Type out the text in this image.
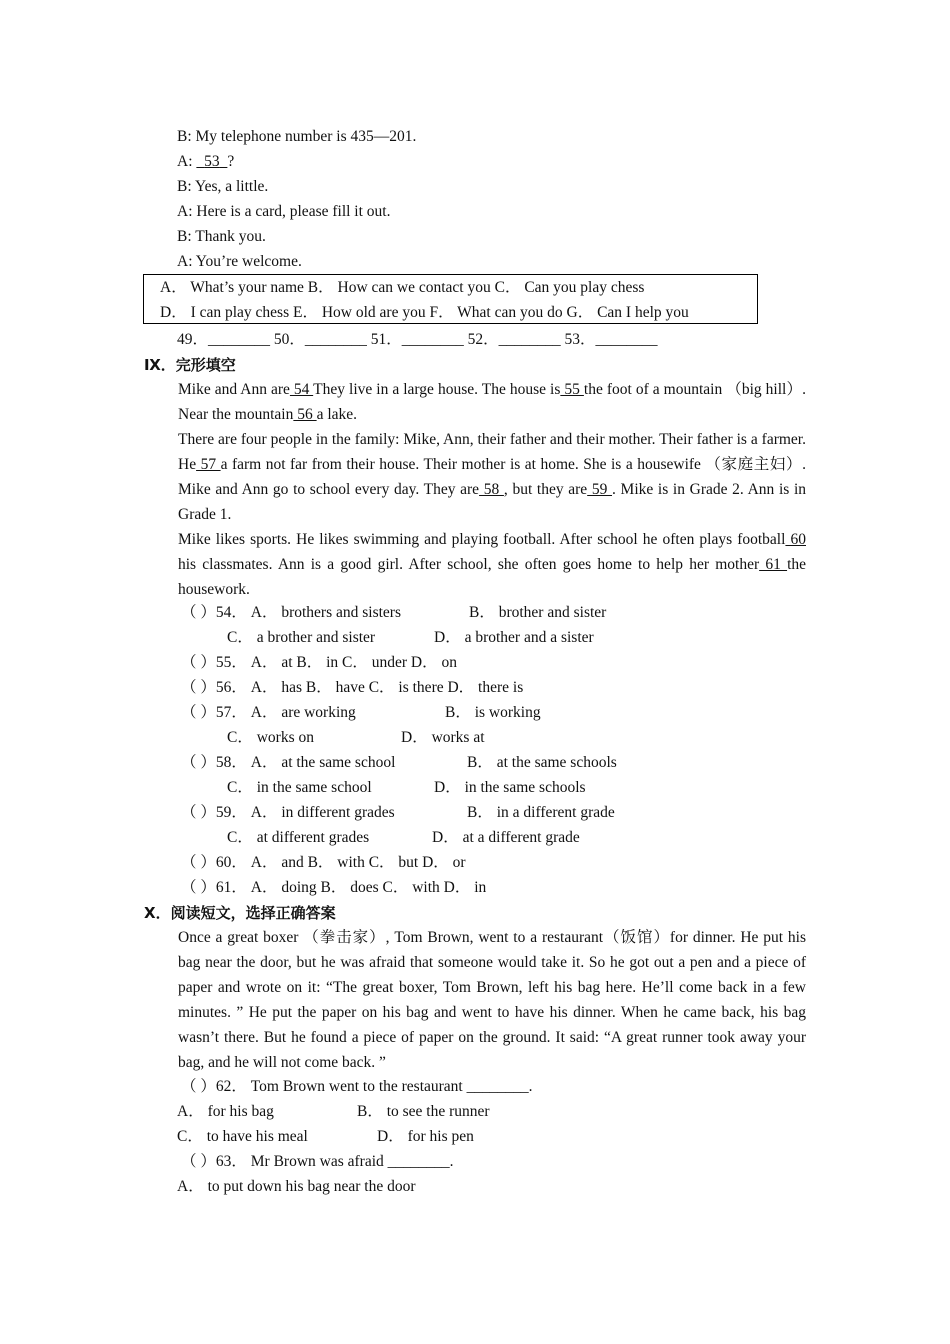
B: My telephone number is 435—201.
A:   53 ?
B: Yes, a little.
A: Here is a card, please fill it out.
B: Thank you.
A: You’re welcome.
A． What’s your name B． How can we contact you C． Can you play chess
D． I can play chess E． How old are you F． What can you do G． Can I help you
49．________ 50．________ 51．________ 52．________ 53．________
Ⅸ．完形填空

Mike and Ann are 54 They live in a large house. The house is 55 the foot of a mountain （big hill）. Near the mountain 56 a lake.

There are four people in the family: Mike, Ann, their father and their mother. Their father is a farmer. He 57 a farm not far from their house. Their mother is at home. She is a housewife （家庭主妇）. Mike and Ann go to school every day. They are 58 , but they are 59 . Mike is in Grade 2. Ann is in Grade 1.

Mike likes sports. He likes swimming and playing football. After school he often plays football 60 his classmates. Ann is a good girl. After school, she often goes home to help her mother 61 the housework.

（ ）54． A． brothers and sisters	B． brother and sister
C． a brother and sister	D． a brother and a sister
（ ）55． A． at B． in C． under D． on
（ ）56． A． has B． have C． is there D． there is
（ ）57． A． are working	B． is working
C． works on	D． works at
（ ）58． A． at the same school	B． at the same schools
C． in the same school	D． in the same schools
（ ）59． A． in different grades	B． in a different grade
C． at different grades	D． at a different grade
（ ）60． A． and B． with C． but D． or
（ ）61． A． doing B． does C． with D． in
Ⅹ．阅读短文，选择正确答案

Once a great boxer （拳击家）, Tom Brown, went to a restaurant（饭馆）for dinner. He put his bag near the door, but he was afraid that someone would take it. So he got out a pen and a piece of paper and wrote on it: “The great boxer, Tom Brown, left his bag here. He’ll come back in a few minutes. ” He put the paper on his bag and went to have his dinner. When he came back, his bag wasn’t there. But he found a piece of paper on the ground. It said: “A great runner took away your bag, and he will not come back. ”

（ ）62． Tom Brown went to the restaurant ________.
A． for his bag	B． to see the runner
C． to have his meal	D． for his pen
（ ）63． Mr Brown was afraid ________.
A． to put down his bag near the door
